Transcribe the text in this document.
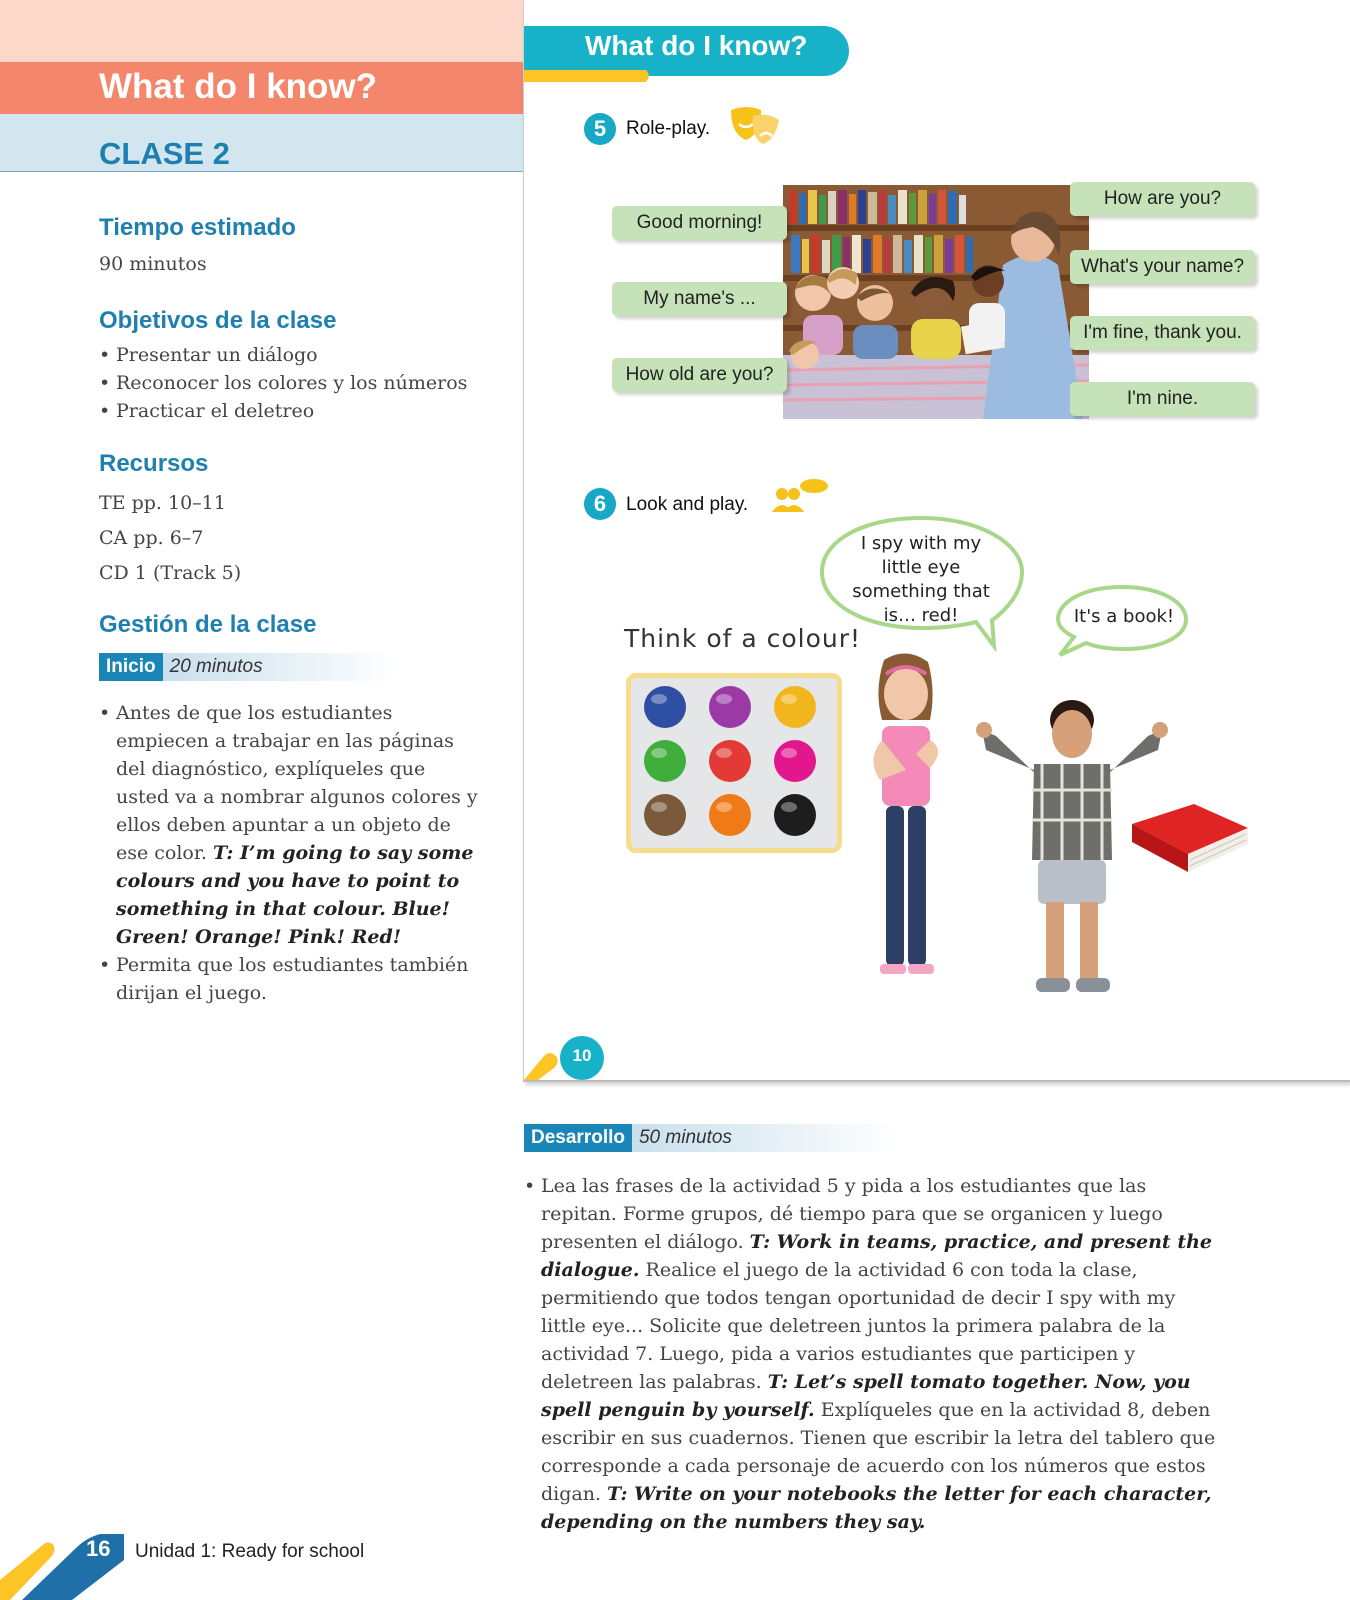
What do I know?
CLASE 2
Tiempo estimado
90 minutos
Objetivos de la clase
• Presentar un diálogo
• Reconocer los colores y los números
• Practicar el deletreo
Recursos
TE pp. 10–11
CA pp. 6–7
CD 1 (Track 5)
Gestión de la clase
Inicio 20 minutos
• Antes de que los estudiantes empiecen a trabajar en las páginas del diagnóstico, explíqueles que usted va a nombrar algunos colores y ellos deben apuntar a un objeto de ese color. T: I’m going to say some colours and you have to point to something in that colour. Blue! Green! Orange! Pink! Red!
• Permita que los estudiantes también dirijan el juego.
What do I know?
5	Role-play.
Good morning!
My name's ...
How old are you?
How are you?
What's your name?
I'm fine, thank you.
I'm nine.
6	Look and play.
I spy with my little eye something that is… red!	It's a book!
Think of a colour!
10
Desarrollo 50 minutos
• Lea las frases de la actividad 5 y pida a los estudiantes que las repitan. Forme grupos, dé tiempo para que se organicen y luego presenten el diálogo. T: Work in teams, practice, and present the dialogue. Realice el juego de la actividad 6 con toda la clase, permitiendo que todos tengan oportunidad de decir I spy with my little eye... Solicite que deletreen juntos la primera palabra de la actividad 7. Luego, pida a varios estudiantes que participen y deletreen las palabras. T: Let’s spell tomato together. Now, you spell penguin by yourself. Explíqueles que en la actividad 8, deben escribir en sus cuadernos. Tienen que escribir la letra del tablero que corresponde a cada personaje de acuerdo con los números que estos digan. T: Write on your notebooks the letter for each character, depending on the numbers they say.
16 Unidad 1: Ready for school
